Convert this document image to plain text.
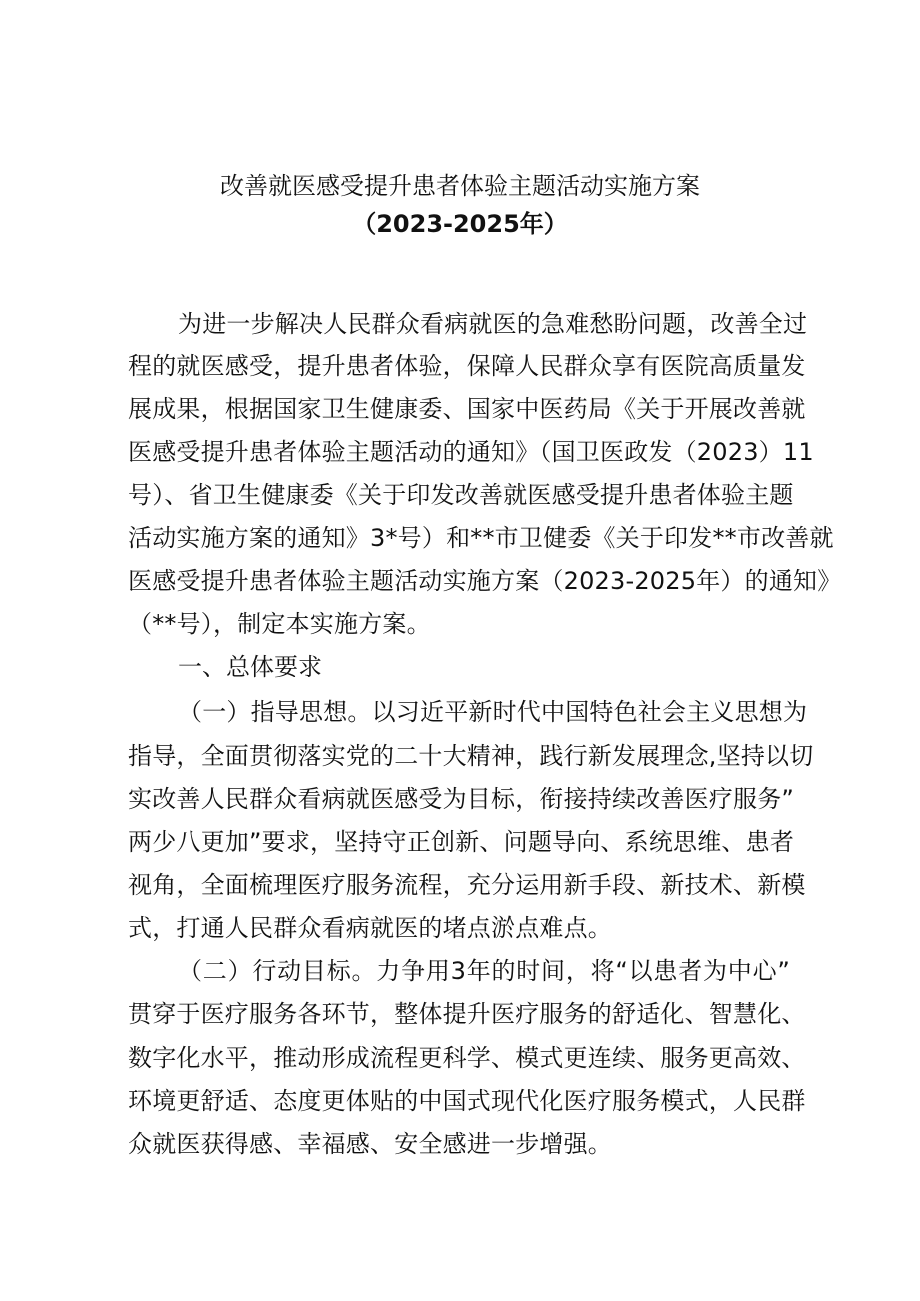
改善就医感受提升患者体验主题活动实施方案
（2023-2025年）
为进一步解决人民群众看病就医的急难愁盼问题，改善全过
程的就医感受，提升患者体验，保障人民群众享有医院高质量发
展成果，根据国家卫生健康委、国家中医药局《关于开展改善就
医感受提升患者体验主题活动的通知》（国卫医政发（2023）11
号）、省卫生健康委《关于印发改善就医感受提升患者体验主题
活动实施方案的通知》3*号）和**市卫健委《关于印发**市改善就
医感受提升患者体验主题活动实施方案（2023-2025年）的通知》
（**号），制定本实施方案。
一、总体要求
（一）指导思想。以习近平新时代中国特色社会主义思想为
指导，全面贯彻落实党的二十大精神，践行新发展理念,坚持以切
实改善人民群众看病就医感受为目标，衔接持续改善医疗服务”
两少八更加”要求，坚持守正创新、问题导向、系统思维、患者
视角，全面梳理医疗服务流程，充分运用新手段、新技术、新模
式，打通人民群众看病就医的堵点淤点难点。
（二）行动目标。力争用3年的时间，将“以患者为中心”
贯穿于医疗服务各环节，整体提升医疗服务的舒适化、智慧化、
数字化水平，推动形成流程更科学、模式更连续、服务更高效、
环境更舒适、态度更体贴的中国式现代化医疗服务模式，人民群
众就医获得感、幸福感、安全感进一步增强。
